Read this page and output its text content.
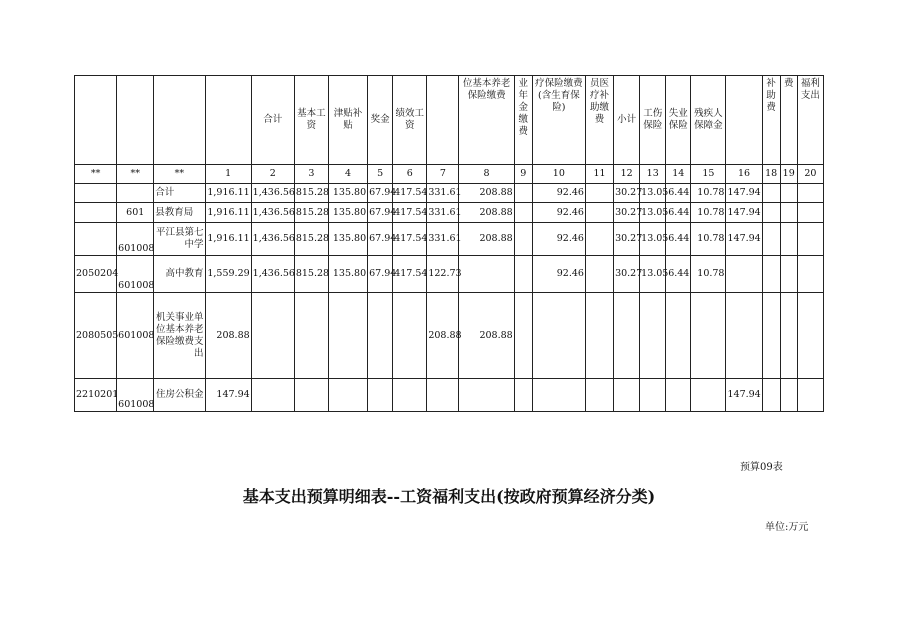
				合计	基本工资	津贴补贴	奖金	绩效工资		位基本养老保险缴费	业年金缴费	疗保险缴费(含生育保险)	员医疗补助缴费	小计	工伤保险	失业保险	残疾人保障金		补助费	费	福利支出
**	**	**	1	2	3	4	5	6	7	8	9	10	11	12	13	14	15	16	18	19	20
		合计	1,916.11	1,436.56	815.28	135.80	67.94	417.54	331.61	208.88		92.46		30.27	13.05	6.44	10.78	147.94			
	601	县教育局	1,916.11	1,436.56	815.28	135.80	67.94	417.54	331.61	208.88		92.46		30.27	13.05	6.44	10.78	147.94			
	601008	平江县第七中学	1,916.11	1,436.56	815.28	135.80	67.94	417.54	331.61	208.88		92.46		30.27	13.05	6.44	10.78	147.94			
2050204	601008	高中教育	1,559.29	1,436.56	815.28	135.80	67.94	417.54	122.73			92.46		30.27	13.05	6.44	10.78				
2080505	601008	机关事业单位基本养老保险缴费支出	208.88						208.88	208.88											
2210201	601008	住房公积金	147.94															147.94			
预算09表
基本支出预算明细表--工资福利支出(按政府预算经济分类)
单位:万元
